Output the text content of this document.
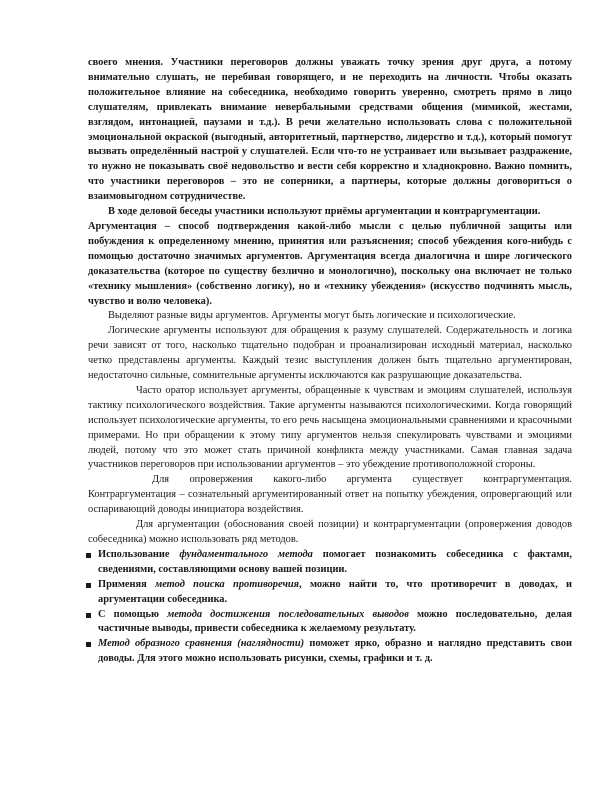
своего мнения. Участники переговоров должны уважать точку зрения друг друга, а потому внимательно слушать, не перебивая говорящего, и не переходить на личности. Чтобы оказать положительное влияние на собеседника, необходимо говорить уверенно, смотреть прямо в лицо слушателям, привлекать внимание невербальными средствами общения (мимикой, жестами, взглядом, интонацией, паузами и т.д.). В речи желательно использовать слова с положительной эмоциональной окраской (выгодный, авторитетный, партнерство, лидерство и т.д.), который помогут вызвать определённый настрой у слушателей. Если что-то не устраивает или вызывает раздражение, то нужно не показывать своё недовольство и вести себя корректно и хладнокровно. Важно помнить, что участники переговоров – это не соперники, а партнеры, которые должны договориться о взаимовыгодном сотрудничестве.

В ходе деловой беседы участники используют приёмы аргументации и контраргументации.

Аргументация – способ подтверждения какой-либо мысли с целью публичной защиты или побуждения к определенному мнению, принятия или разъяснения; способ убеждения кого-нибудь с помощью достаточно значимых аргументов. Аргументация всегда диалогична и шире логического доказательства (которое по существу безлично и монологично), поскольку она включает не только «технику мышления» (собственно логику), но и «технику убеждения» (искусство подчинять мысль, чувство и волю человека).

Выделяют разные виды аргументов. Аргументы могут быть логические и психологические.

Логические аргументы используют для обращения к разуму слушателей. Содержательность и логика речи зависят от того, насколько тщательно подобран и проанализирован исходный материал, насколько четко представлены аргументы. Каждый тезис выступления должен быть тщательно аргументирован, недостаточно сильные, сомнительные аргументы исключаются как разрушающие доказательства.

Часто оратор использует аргументы, обращенные к чувствам и эмоциям слушателей, используя тактику психологического воздействия. Такие аргументы называются психологическими. Когда говорящий использует психологические аргументы, то его речь насыщена эмоциональными сравнениями и красочными примерами. Но при обращении к этому типу аргументов нельзя спекулировать чувствами и эмоциями людей, потому что это может стать причиной конфликта между участниками. Самая главная задача участников переговоров при использовании аргументов – это убеждение противоположной стороны.

Для опровержения какого-либо аргумента существует контраргументация. Контраргументация – сознательный аргументированный ответ на попытку убеждения, опровергающий или оспаривающий доводы инициатора воздействия.

Для аргументации (обоснования своей позиции) и контраргументации (опровержения доводов собеседника) можно использовать ряд методов.

Использование фундаментального метода помогает познакомить собеседника с фактами, сведениями, составляющими основу вашей позиции.
Применяя метод поиска противоречия, можно найти то, что противоречит в доводах, и аргументации собеседника.
С помощью метода достижения последовательных выводов можно последовательно, делая частичные выводы, привести собеседника к желаемому результату.
Метод образного сравнения (наглядности) поможет ярко, образно и наглядно представить свои доводы. Для этого можно использовать рисунки, схемы, графики и т. д.
